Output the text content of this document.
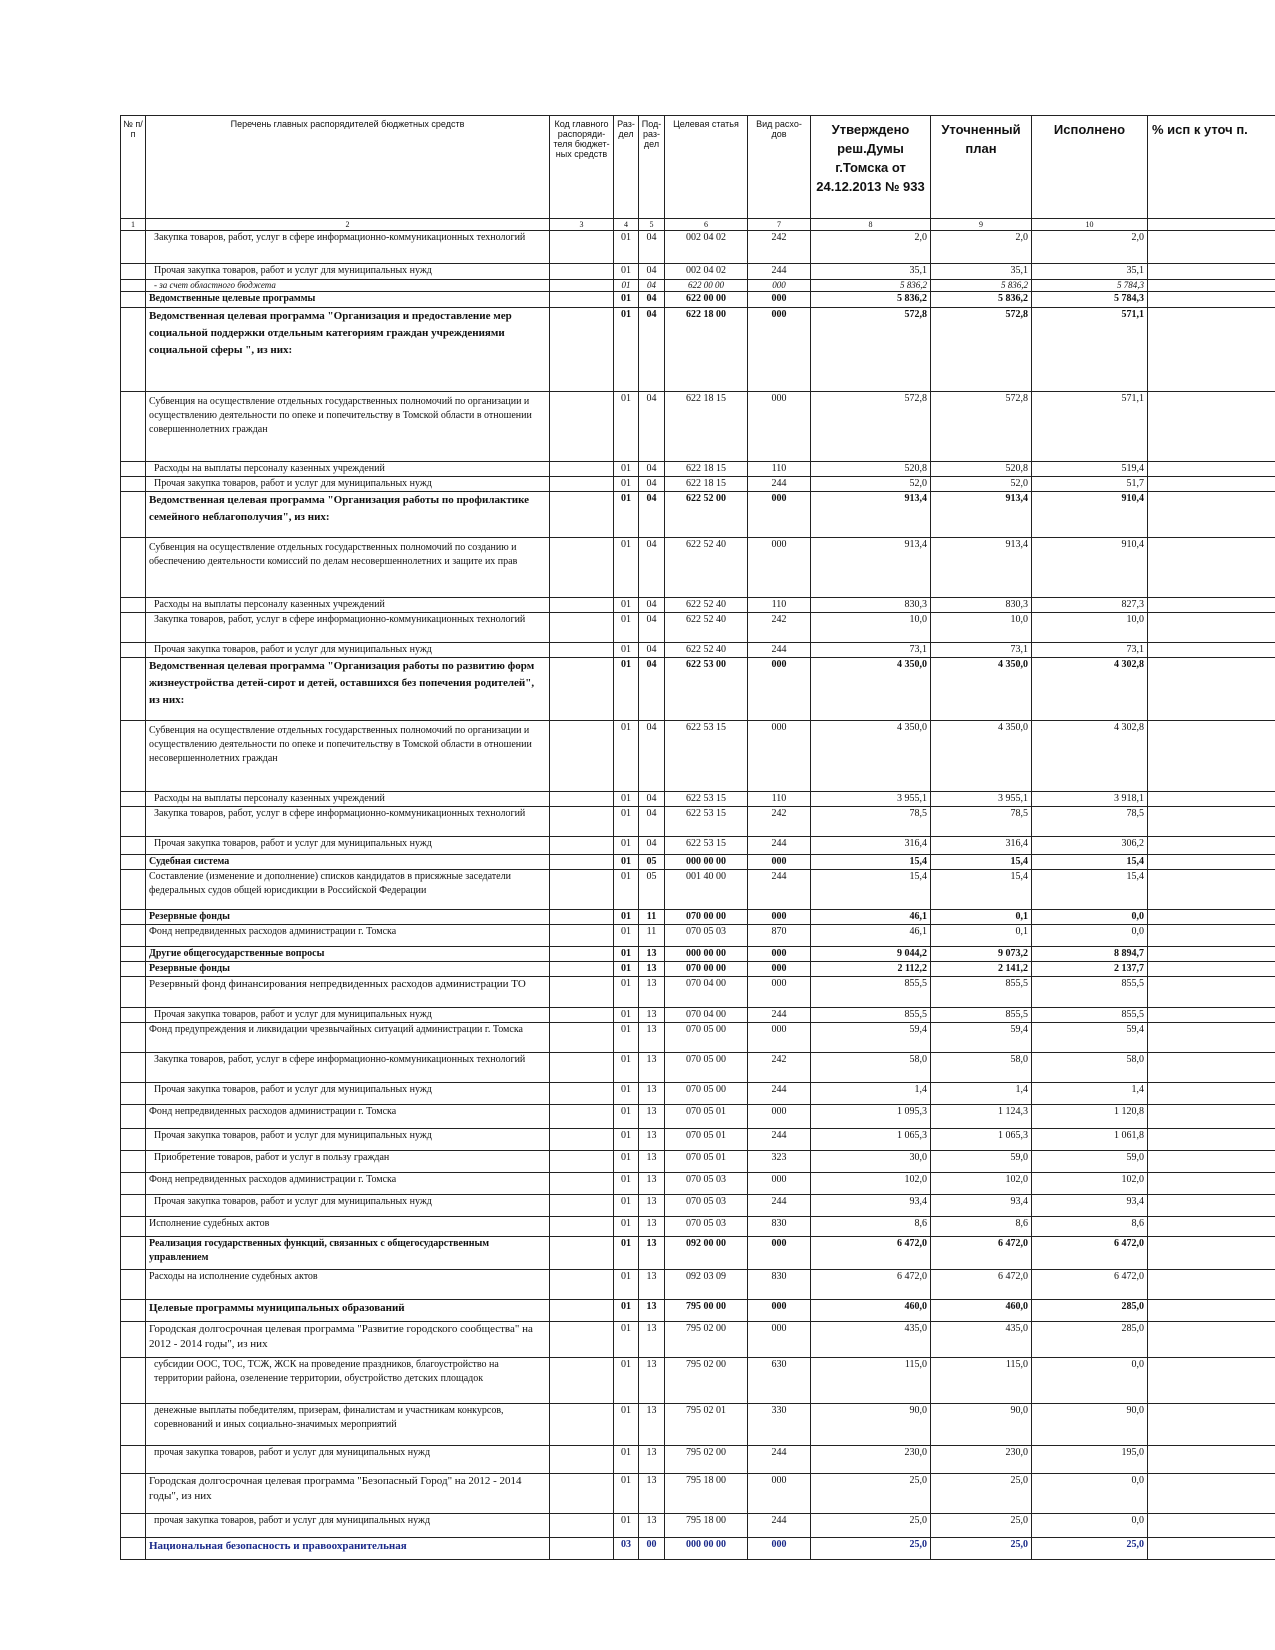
№ п/п	Перечень главных распорядителей бюджетных средств	Код главного распоряди-теля бюджет-ных средств	Раз-дел	Под-раз-дел	Целевая статья	Вид расхо-дов	Утверждено реш.Думы г.Томска от 24.12.2013 № 933	Уточненный план	Исполнено	% исп к уточ п.
1	2	3	4	5	6	7	8	9	10	
	Закупка товаров, работ, услуг в сфере информационно-коммуникационных технологий		01	04	002 04 02	242	2,0	2,0	2,0	
	Прочая закупка товаров, работ и услуг для муниципальных нужд		01	04	002 04 02	244	35,1	35,1	35,1	
	- за счет областного бюджета		01	04	622 00 00	000	5 836,2	5 836,2	5 784,3	
	Ведомственные целевые программы		01	04	622 00 00	000	5 836,2	5 836,2	5 784,3	
	Ведомственная целевая программа "Организация и предоставление мер социальной поддержки отдельным категориям граждан учреждениями социальной сферы ", из них:		01	04	622 18 00	000	572,8	572,8	571,1	
	Субвенция на осуществление отдельных государственных полномочий по организации и осуществлению деятельности по опеке и попечительству в Томской области в отношении совершеннолетних граждан		01	04	622 18 15	000	572,8	572,8	571,1	
	Расходы на выплаты персоналу казенных учреждений		01	04	622 18 15	110	520,8	520,8	519,4	
	Прочая закупка товаров, работ и услуг для муниципальных нужд		01	04	622 18 15	244	52,0	52,0	51,7	
	Ведомственная целевая программа "Организация работы по профилактике семейного неблагополучия", из них:		01	04	622 52 00	000	913,4	913,4	910,4	
	Субвенция на осуществление отдельных государственных полномочий по созданию и обеспечению деятельности комиссий по делам несовершеннолетних и защите их прав		01	04	622 52 40	000	913,4	913,4	910,4	
	Расходы на выплаты персоналу казенных учреждений		01	04	622 52 40	110	830,3	830,3	827,3	
	Закупка товаров, работ, услуг в сфере информационно-коммуникационных технологий		01	04	622 52 40	242	10,0	10,0	10,0	
	Прочая закупка товаров, работ и услуг для муниципальных нужд		01	04	622 52 40	244	73,1	73,1	73,1	
	Ведомственная целевая программа "Организация работы по развитию форм жизнеустройства детей-сирот и детей, оставшихся без попечения родителей", из них:		01	04	622 53 00	000	4 350,0	4 350,0	4 302,8	
	Субвенция на осуществление отдельных государственных полномочий по организации и осуществлению деятельности по опеке и попечительству в Томской области в отношении несовершеннолетних граждан		01	04	622 53 15	000	4 350,0	4 350,0	4 302,8	
	Расходы на выплаты персоналу казенных учреждений		01	04	622 53 15	110	3 955,1	3 955,1	3 918,1	
	Закупка товаров, работ, услуг в сфере информационно-коммуникационных технологий		01	04	622 53 15	242	78,5	78,5	78,5	
	Прочая закупка товаров, работ и услуг для муниципальных нужд		01	04	622 53 15	244	316,4	316,4	306,2	
	Судебная система		01	05	000 00 00	000	15,4	15,4	15,4	
	Составление (изменение и дополнение) списков кандидатов в присяжные заседатели федеральных судов общей юрисдикции в Российской Федерации		01	05	001 40 00	244	15,4	15,4	15,4	
	Резервные фонды		01	11	070 00 00	000	46,1	0,1	0,0	
	Фонд непредвиденных расходов администрации г. Томска		01	11	070 05 03	870	46,1	0,1	0,0	
	Другие общегосударственные вопросы		01	13	000 00 00	000	9 044,2	9 073,2	8 894,7	
	Резервные фонды		01	13	070 00 00	000	2 112,2	2 141,2	2 137,7	
	Резервный фонд финансирования непредвиденных расходов администрации ТО		01	13	070 04 00	000	855,5	855,5	855,5	
	Прочая закупка товаров, работ и услуг для муниципальных нужд		01	13	070 04 00	244	855,5	855,5	855,5	
	Фонд предупреждения и ликвидации чрезвычайных ситуаций администрации г. Томска		01	13	070 05 00	000	59,4	59,4	59,4	
	Закупка товаров, работ, услуг в сфере информационно-коммуникационных технологий		01	13	070 05 00	242	58,0	58,0	58,0	
	Прочая закупка товаров, работ и услуг для муниципальных нужд		01	13	070 05 00	244	1,4	1,4	1,4	
	Фонд непредвиденных расходов администрации г. Томска		01	13	070 05 01	000	1 095,3	1 124,3	1 120,8	
	Прочая закупка товаров, работ и услуг для муниципальных нужд		01	13	070 05 01	244	1 065,3	1 065,3	1 061,8	
	Приобретение товаров, работ и услуг в пользу граждан		01	13	070 05 01	323	30,0	59,0	59,0	
	Фонд непредвиденных расходов администрации г. Томска		01	13	070 05 03	000	102,0	102,0	102,0	
	Прочая закупка товаров, работ и услуг для муниципальных нужд		01	13	070 05 03	244	93,4	93,4	93,4	
	Исполнение судебных актов		01	13	070 05 03	830	8,6	8,6	8,6	
	Реализация государственных функций, связанных с общегосударственным управлением		01	13	092 00 00	000	6 472,0	6 472,0	6 472,0	
	Расходы на исполнение судебных актов		01	13	092 03 09	830	6 472,0	6 472,0	6 472,0	
	Целевые программы муниципальных образований		01	13	795 00 00	000	460,0	460,0	285,0	
	Городская долгосрочная целевая программа "Развитие городского сообщества" на 2012 - 2014 годы", из них		01	13	795 02 00	000	435,0	435,0	285,0	
	субсидии ООС, ТОС, ТСЖ, ЖСК на проведение праздников, благоустройство на территории района, озеленение территории, обустройство детских площадок		01	13	795 02 00	630	115,0	115,0	0,0	
	денежные выплаты победителям, призерам, финалистам и участникам конкурсов, соревнований и иных социально-значимых мероприятий		01	13	795 02 01	330	90,0	90,0	90,0	
	прочая закупка товаров, работ и услуг для муниципальных нужд		01	13	795 02 00	244	230,0	230,0	195,0	
	Городская долгосрочная целевая программа "Безопасный Город" на 2012 - 2014 годы", из них		01	13	795 18 00	000	25,0	25,0	0,0	
	прочая закупка товаров, работ и услуг для муниципальных нужд		01	13	795 18 00	244	25,0	25,0	0,0	
	Национальная безопасность и правоохранительная		03	00	000 00 00	000	25,0	25,0	25,0	
